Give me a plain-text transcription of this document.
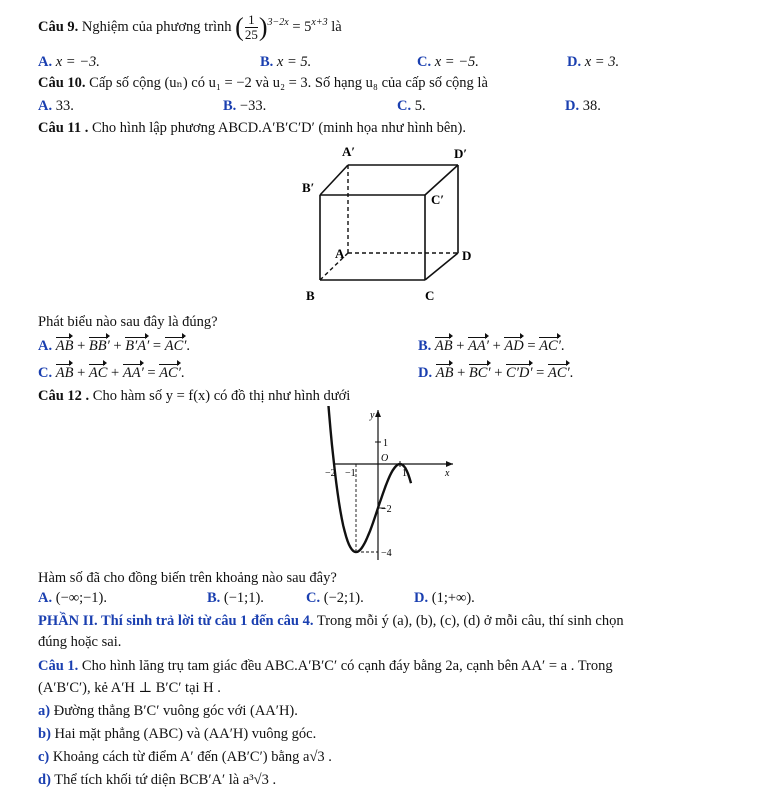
Câu 9. Nghiệm của phương trình ( $\frac{1}{25} )^{3-2x} = 5^{x+3}$ là
A. x = −3.	B. x = 5.	C. x = −5.	D. x = 3.
Câu 10. Cấp số cộng (uₙ) có u₁ = −2 và u₂ = 3. Số hạng u₈ của cấp số cộng là
A. 33.	B. −33.	C. 5.	D. 38.
Câu 11 . Cho hình lập phương ABCD.A′B′C′D′ (minh họa như hình bên).
A′	D′
B′
C′
A	D
B	C
Phát biểu nào sau đây là đúng?
A. AB + BB′ + B′A′ = AC′.	B. AB + AA′ + AD = AC′.
C. AB + AC + AA′ = AC′.	D. AB + BC′ + C′D′ = AC′.
Câu 12 . Cho hàm số y = f(x) có đồ thị như hình dưới
y
x
O
1
−1
−2
1
−2
−4
Hàm số đã cho đồng biến trên khoảng nào sau đây?
A. (−∞;−1).	B. (−1;1).	C. (−2;1).	D. (1;+∞).
PHẦN II. Thí sinh trả lời từ câu 1 đến câu 4. Trong mỗi ý (a), (b), (c), (d) ở mỗi câu, thí sinh chọn
đúng hoặc sai.
Câu 1. Cho hình lăng trụ tam giác đều ABC.A′B′C′ có cạnh đáy bằng 2a, cạnh bên AA′ = a . Trong
(A′B′C′), kẻ A′H ⊥ B′C′ tại H .
a) Đường thẳng B′C′ vuông góc với (AA′H).
b) Hai mặt phẳng (ABC) và (AA′H) vuông góc.
c) Khoảng cách từ điểm A′ đến (AB′C′) bằng a√3 .
d) Thể tích khối tứ diện BCB′A′ là a³√3 .
